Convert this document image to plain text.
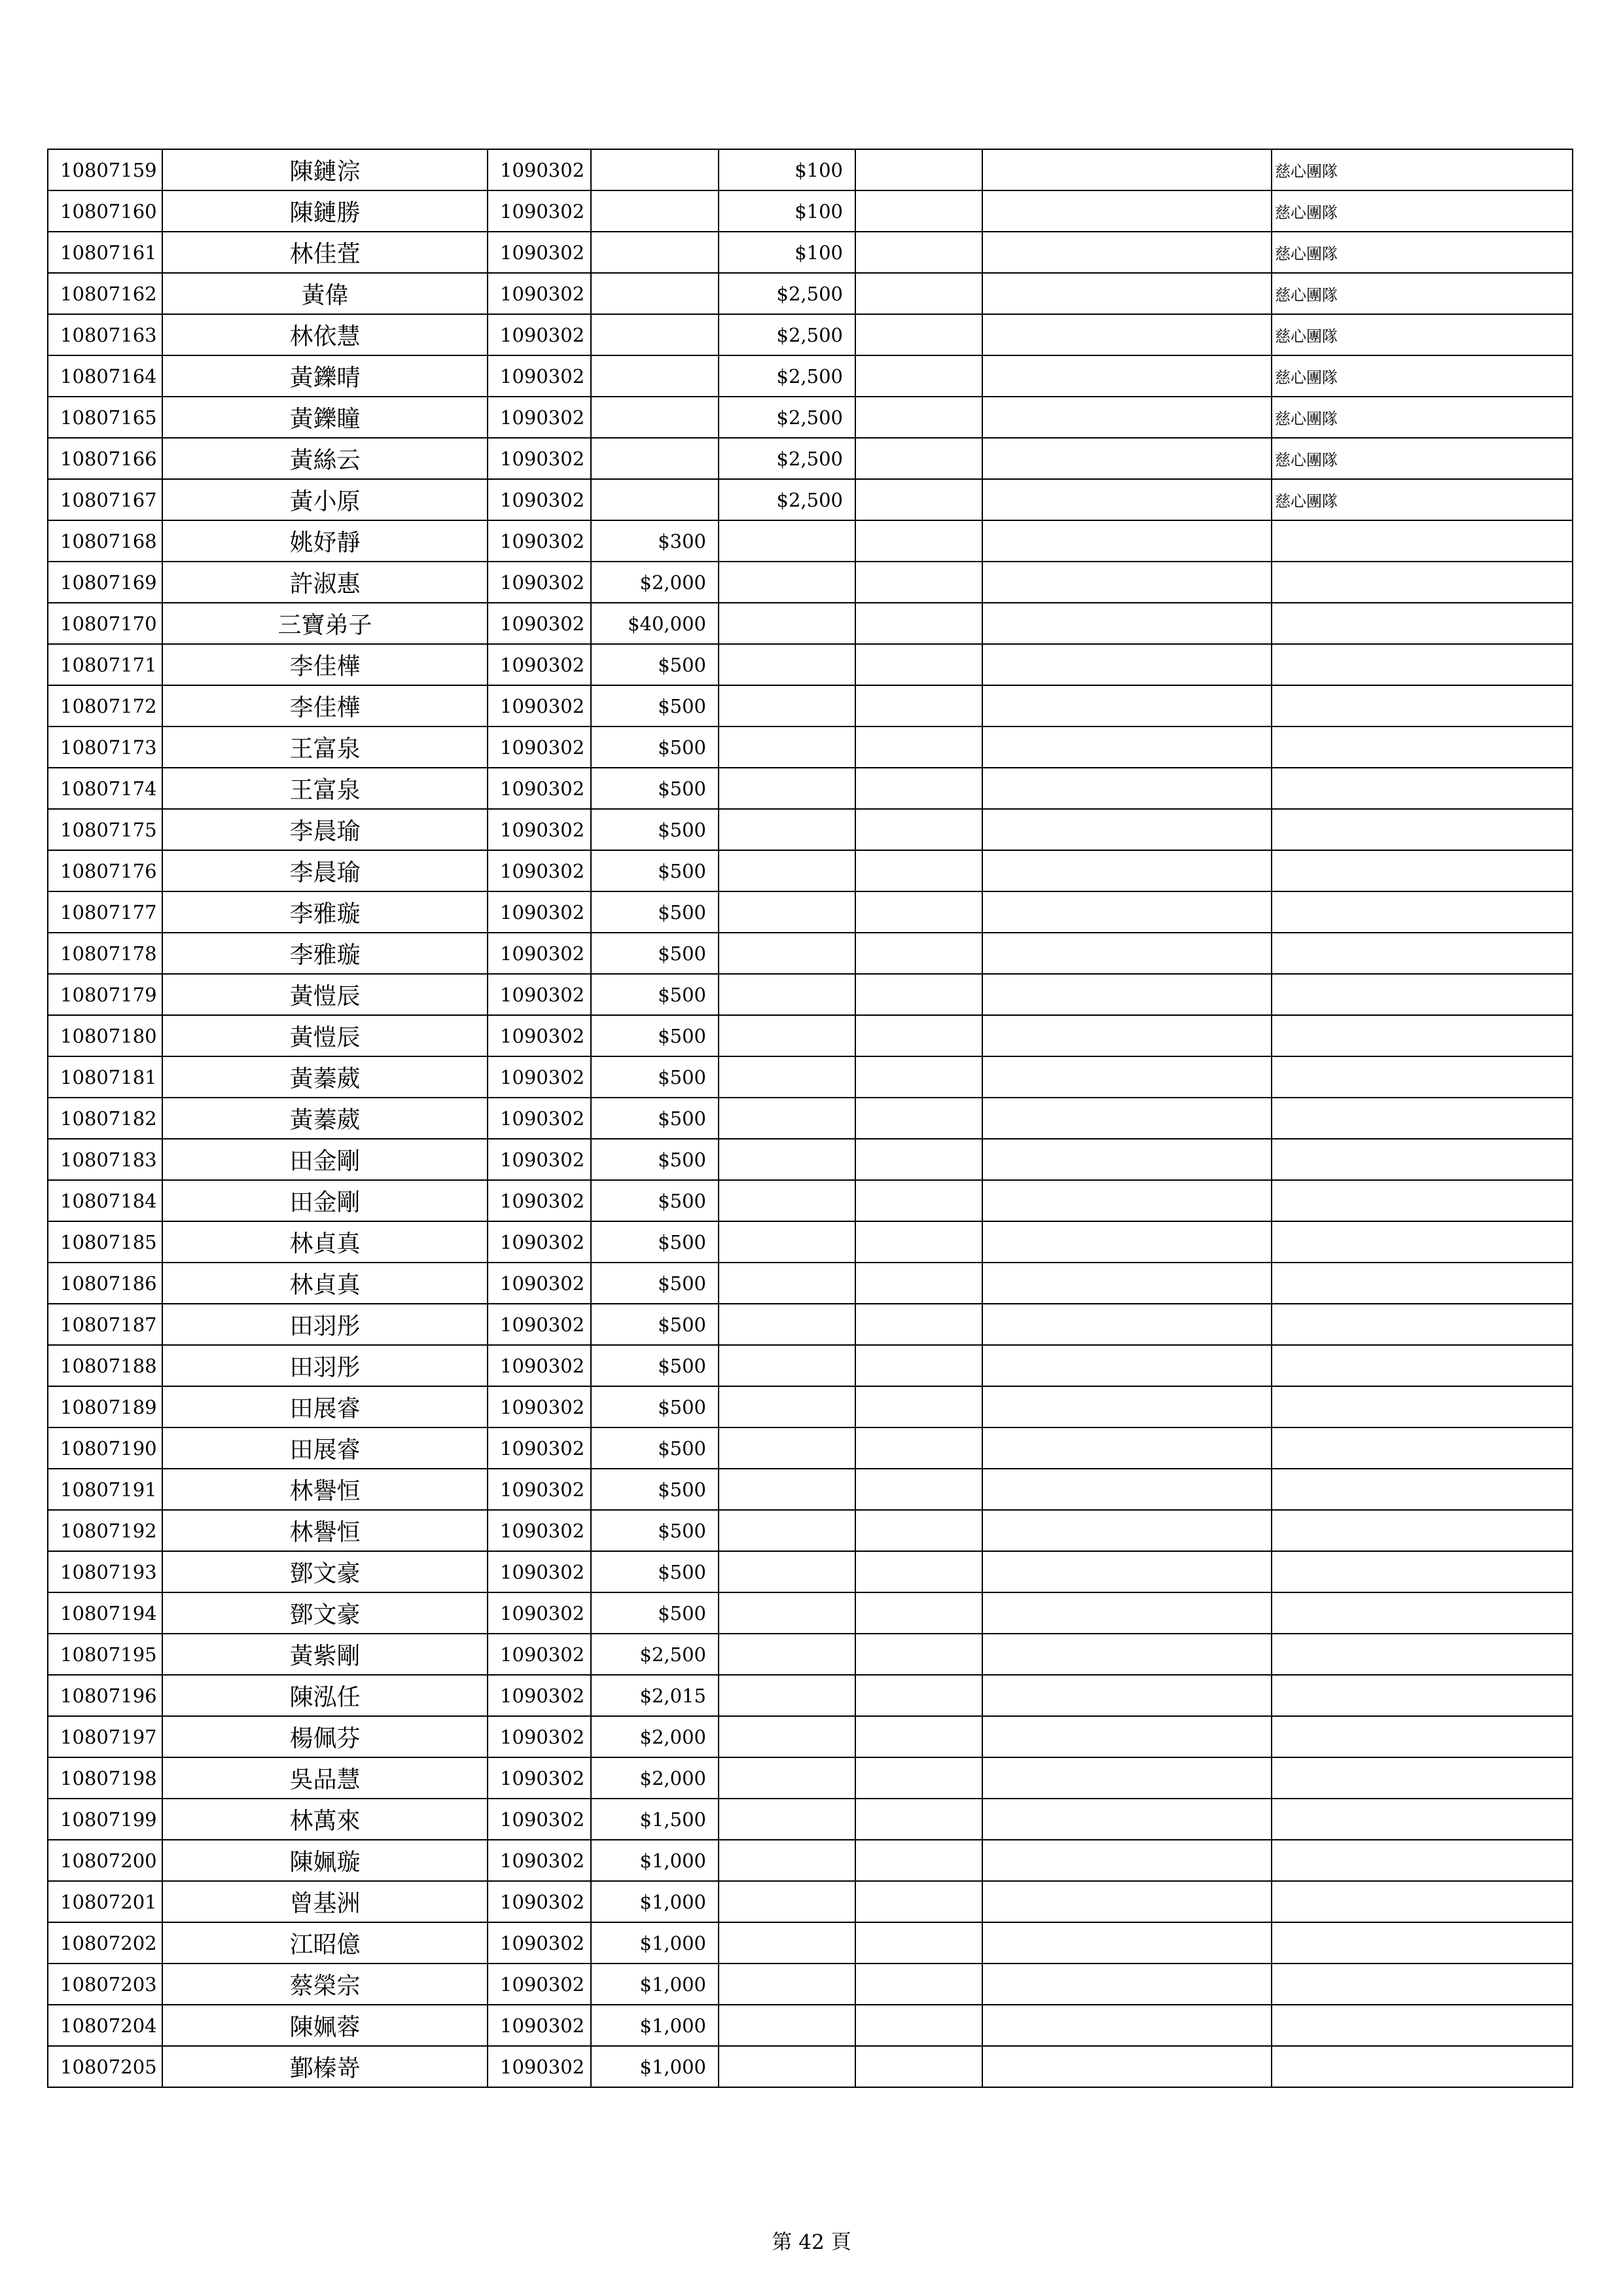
10807159	陳鏈淙	1090302		$100			慈心團隊
10807160	陳鏈勝	1090302		$100			慈心團隊
10807161	林佳萓	1090302		$100			慈心團隊
10807162	黃偉	1090302		$2,500			慈心團隊
10807163	林依慧	1090302		$2,500			慈心團隊
10807164	黃鑠晴	1090302		$2,500			慈心團隊
10807165	黃鑠瞳	1090302		$2,500			慈心團隊
10807166	黃絲云	1090302		$2,500			慈心團隊
10807167	黃小原	1090302		$2,500			慈心團隊
10807168	姚妤靜	1090302	$300				
10807169	許淑惠	1090302	$2,000				
10807170	三寶弟子	1090302	$40,000				
10807171	李佳樺	1090302	$500				
10807172	李佳樺	1090302	$500				
10807173	王富泉	1090302	$500				
10807174	王富泉	1090302	$500				
10807175	李晨瑜	1090302	$500				
10807176	李晨瑜	1090302	$500				
10807177	李雅璇	1090302	$500				
10807178	李雅璇	1090302	$500				
10807179	黃愷辰	1090302	$500				
10807180	黃愷辰	1090302	$500				
10807181	黃蓁葳	1090302	$500				
10807182	黃蓁葳	1090302	$500				
10807183	田金剛	1090302	$500				
10807184	田金剛	1090302	$500				
10807185	林貞真	1090302	$500				
10807186	林貞真	1090302	$500				
10807187	田羽彤	1090302	$500				
10807188	田羽彤	1090302	$500				
10807189	田展睿	1090302	$500				
10807190	田展睿	1090302	$500				
10807191	林譽恒	1090302	$500				
10807192	林譽恒	1090302	$500				
10807193	鄧文豪	1090302	$500				
10807194	鄧文豪	1090302	$500				
10807195	黃紫剛	1090302	$2,500				
10807196	陳泓任	1090302	$2,015				
10807197	楊佩芬	1090302	$2,000				
10807198	吳品慧	1090302	$2,000				
10807199	林萬來	1090302	$1,500				
10807200	陳姵璇	1090302	$1,000				
10807201	曾基洲	1090302	$1,000				
10807202	江昭億	1090302	$1,000				
10807203	蔡榮宗	1090302	$1,000				
10807204	陳姵蓉	1090302	$1,000				
10807205	鄞榛嵜	1090302	$1,000				
第 42 頁
